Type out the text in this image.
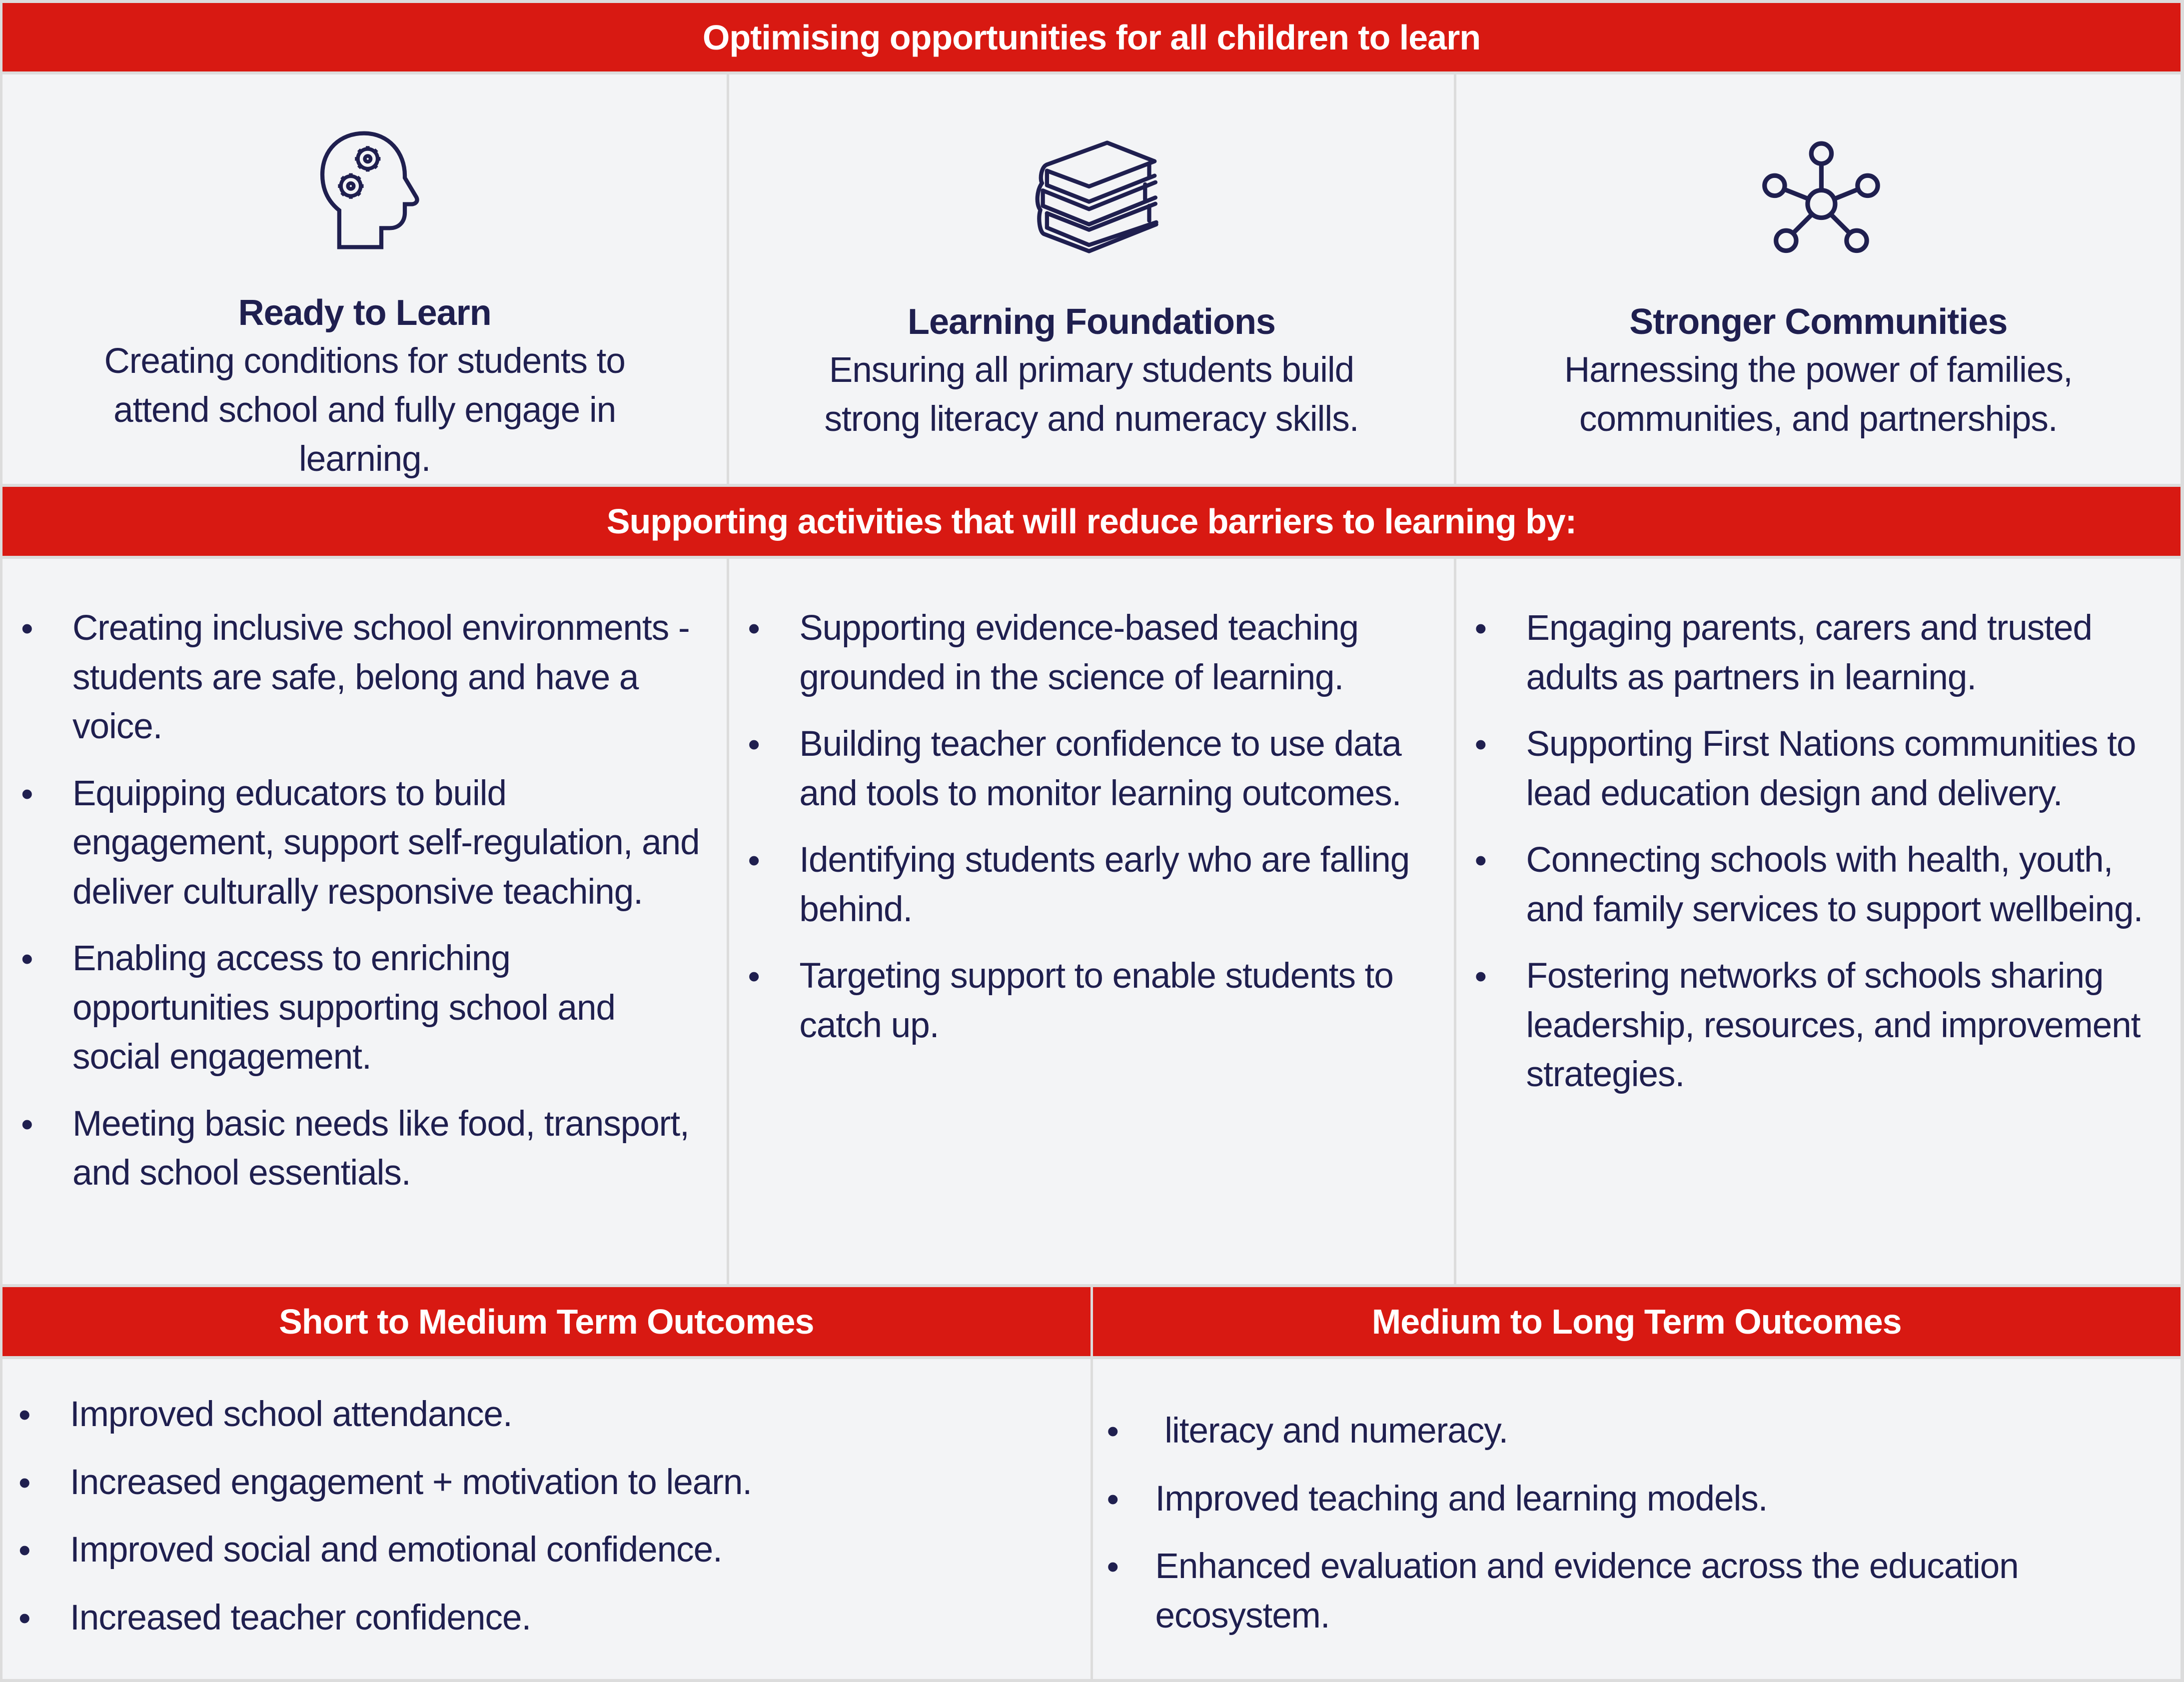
Optimising opportunities for all children to learn
Ready to Learn

Creating conditions for students to attend school and fully engage in learning.

Learning Foundations

Ensuring all primary students build strong literacy and numeracy skills.

Stronger Communities

Harnessing the power of families, communities, and partnerships.

Supporting activities that will reduce barriers to learning by:
• Creating inclusive school environments - students are safe, belong and have a voice.
• Equipping educators to build engagement, support self-regulation, and deliver culturally responsive teaching.
• Enabling access to enriching opportunities supporting school and social engagement.
• Meeting basic needs like food, transport, and school essentials.
• Supporting evidence-based teaching grounded in the science of learning.
• Building teacher confidence to use data and tools to monitor learning outcomes.
• Identifying students early who are falling behind.
• Targeting support to enable students to catch up.
• Engaging parents, carers and trusted adults as partners in learning.
• Supporting First Nations communities to lead education design and delivery.
• Connecting schools with health, youth, and family services to support wellbeing.
• Fostering networks of schools sharing leadership, resources, and improvement strategies.
Short to Medium Term Outcomes
• Improved school attendance.
• Increased engagement + motivation to learn.
• Improved social and emotional confidence.
• Increased teacher confidence.
Medium to Long Term Outcomes
• literacy and numeracy.
• Improved teaching and learning models.
• Enhanced evaluation and evidence across the education ecosystem.
